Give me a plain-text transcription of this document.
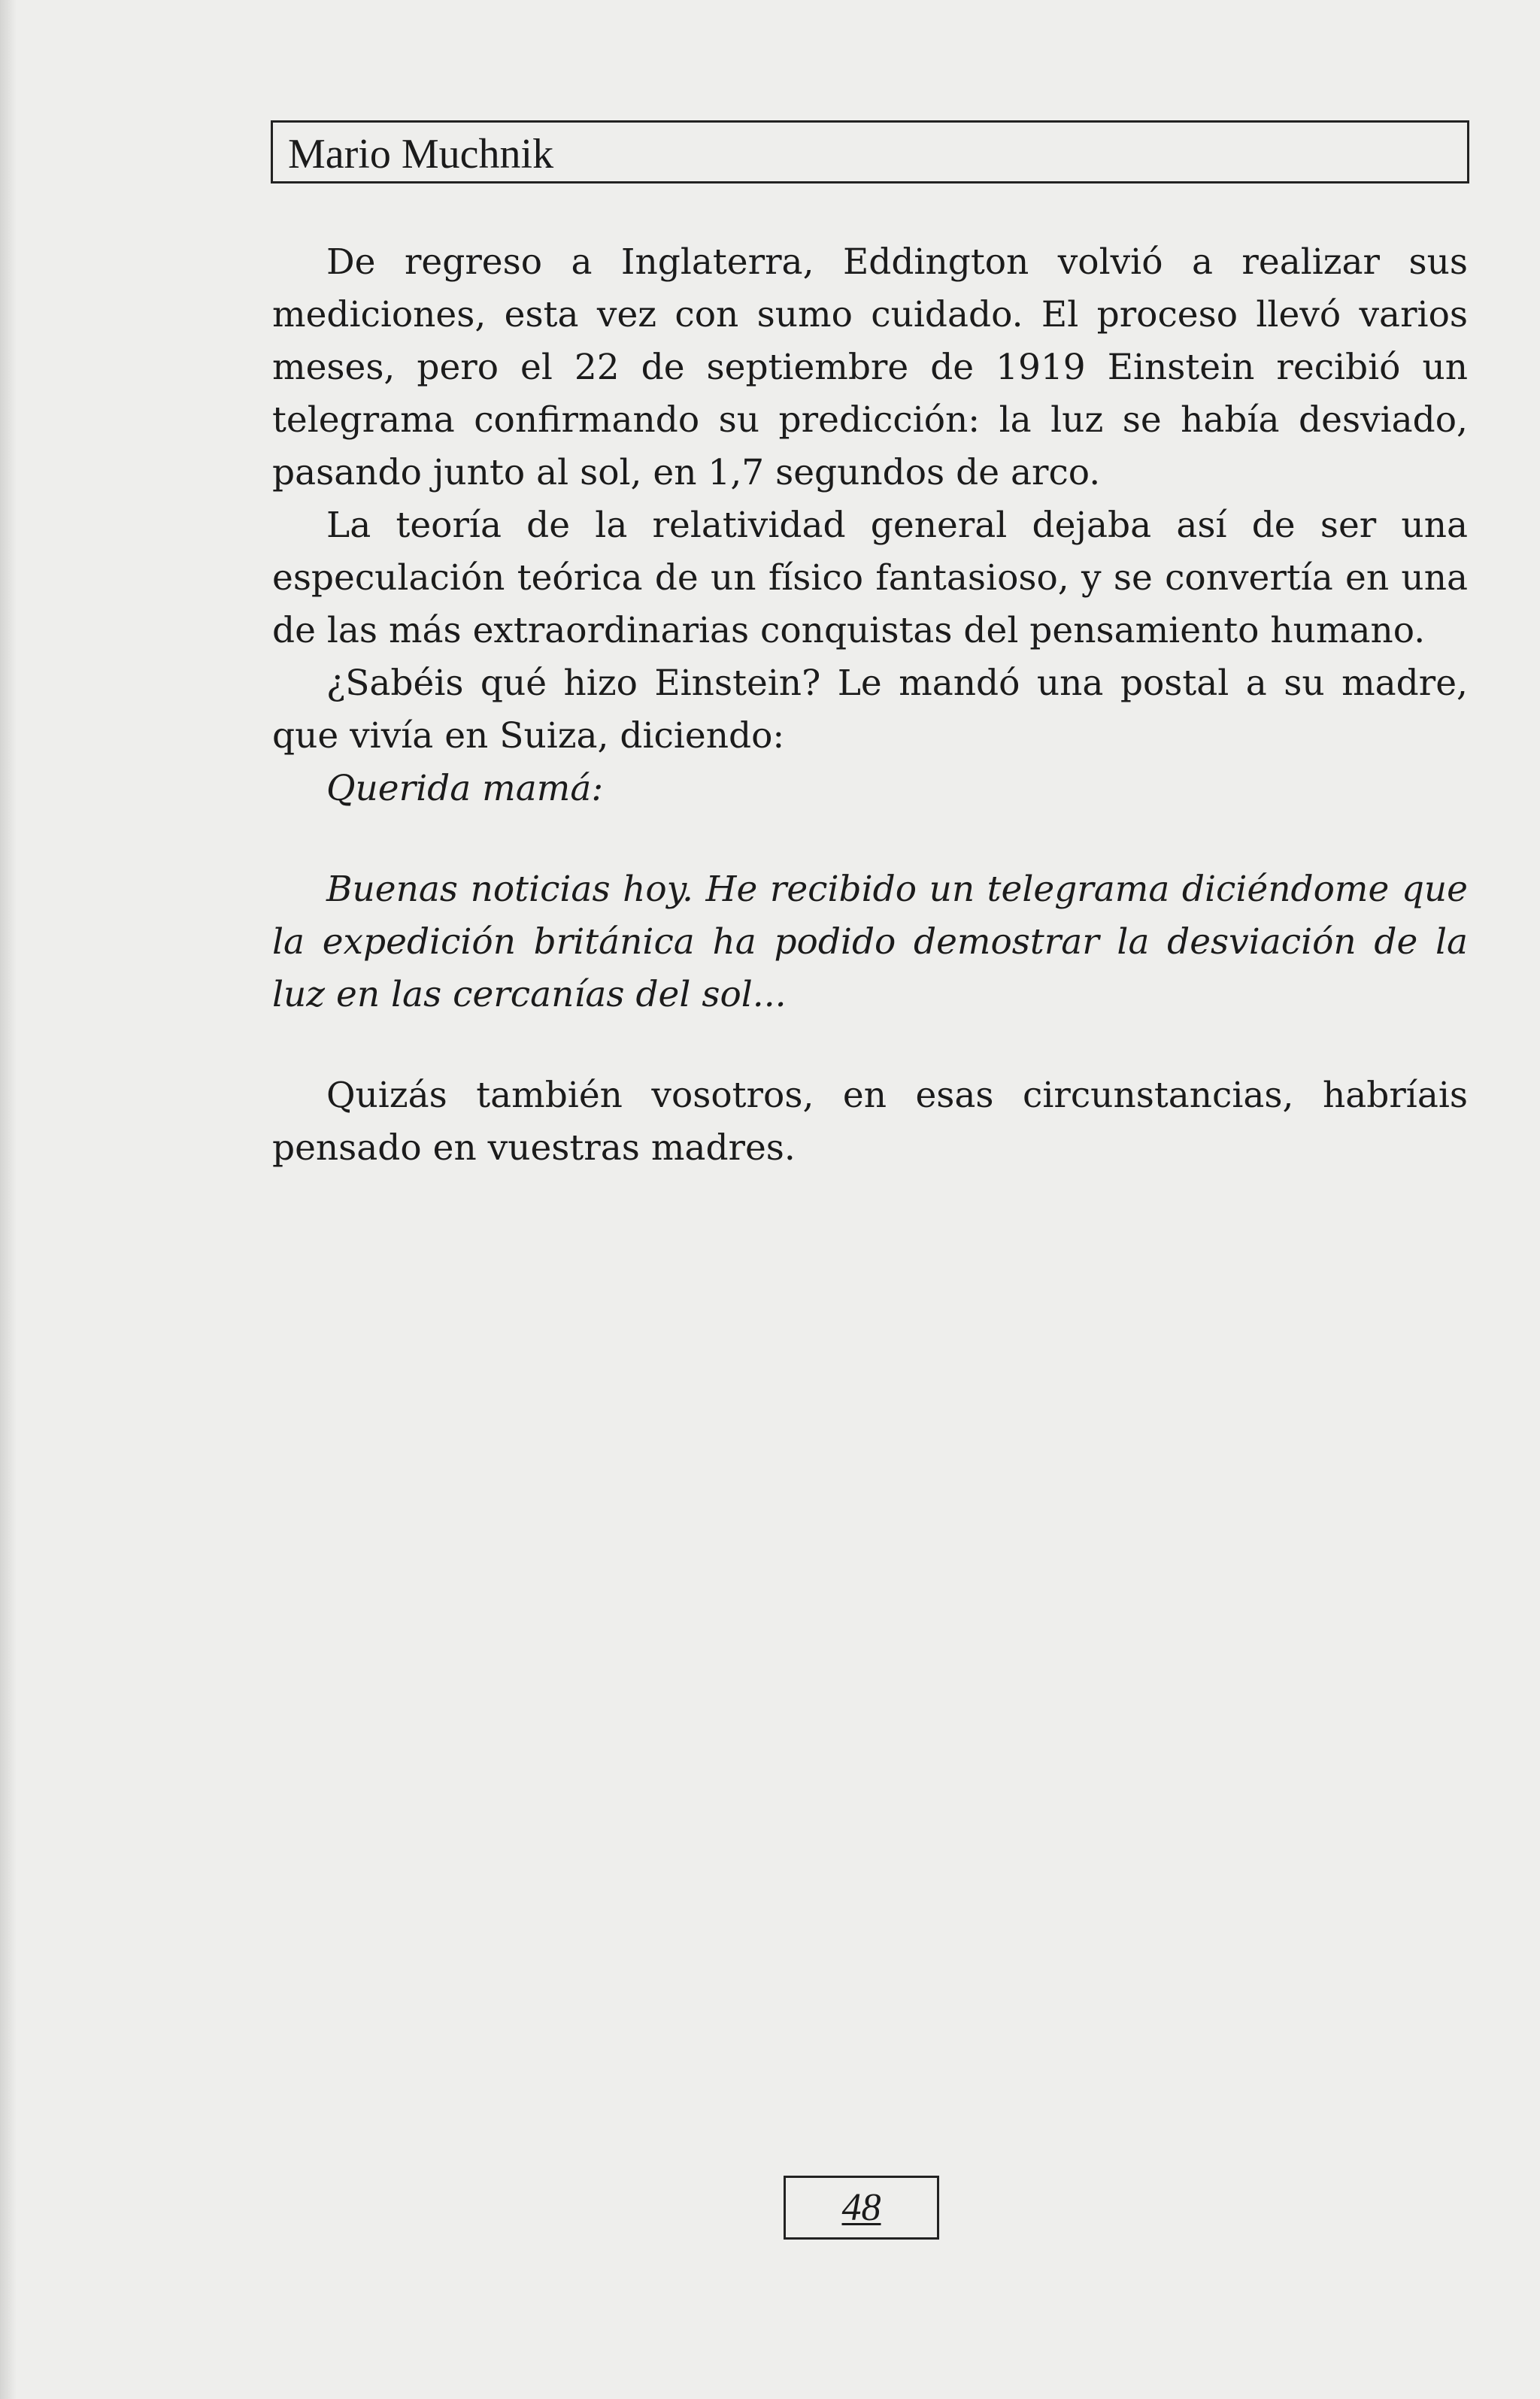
Mario Muchnik

De regreso a Inglaterra, Eddington volvió a realizar sus mediciones, esta vez con sumo cuidado. El proceso llevó varios meses, pero el 22 de septiembre de 1919 Einstein recibió un telegrama confirmando su predicción: la luz se había desviado, pasando junto al sol, en 1,7 segundos de arco.

La teoría de la relatividad general dejaba así de ser una especulación teórica de un físico fantasioso, y se convertía en una de las más extraordinarias conquistas del pensamiento humano.

¿Sabéis qué hizo Einstein? Le mandó una postal a su madre, que vivía en Suiza, diciendo:

Querida mamá:

Buenas noticias hoy. He recibido un telegrama diciéndome que la expedición británica ha podido demostrar la desviación de la luz en las cercanías del sol...

Quizás también vosotros, en esas circunstancias, habríais pensado en vuestras madres.

48
